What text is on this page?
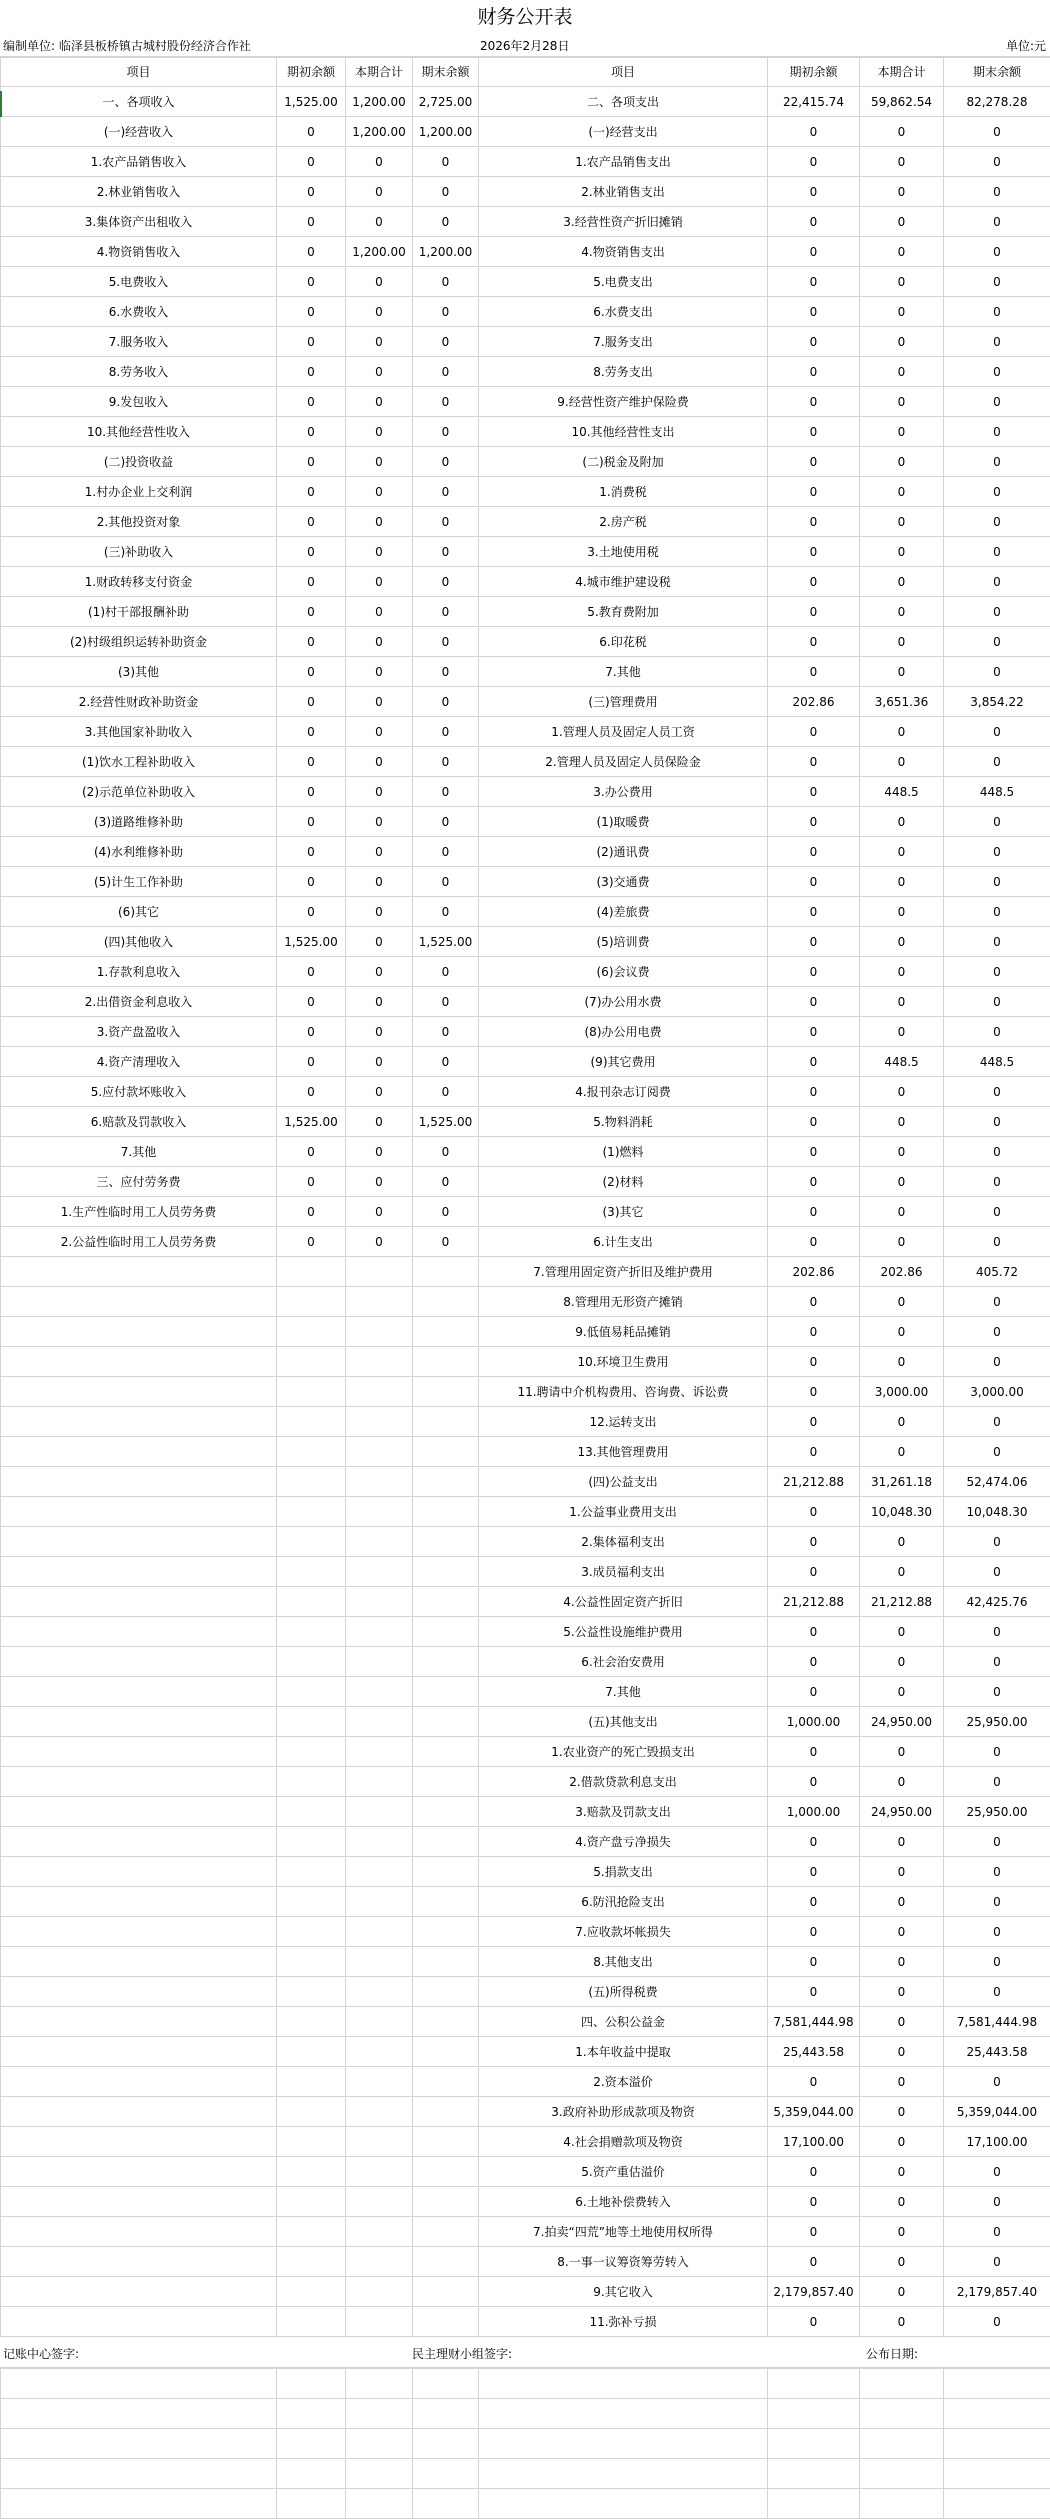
财务公开表
编制单位: 临泽县板桥镇古城村股份经济合作社	2026年2月28日	单位:元
项目	期初余额	本期合计	期末余额	项目	期初余额	本期合计	期末余额
一、各项收入	1,525.00	1,200.00	2,725.00	二、各项支出	22,415.74	59,862.54	82,278.28
(一)经营收入	0	1,200.00	1,200.00	(一)经营支出	0	0	0
1.农产品销售收入	0	0	0	1.农产品销售支出	0	0	0
2.林业销售收入	0	0	0	2.林业销售支出	0	0	0
3.集体资产出租收入	0	0	0	3.经营性资产折旧摊销	0	0	0
4.物资销售收入	0	1,200.00	1,200.00	4.物资销售支出	0	0	0
5.电费收入	0	0	0	5.电费支出	0	0	0
6.水费收入	0	0	0	6.水费支出	0	0	0
7.服务收入	0	0	0	7.服务支出	0	0	0
8.劳务收入	0	0	0	8.劳务支出	0	0	0
9.发包收入	0	0	0	9.经营性资产维护保险费	0	0	0
10.其他经营性收入	0	0	0	10.其他经营性支出	0	0	0
(二)投资收益	0	0	0	(二)税金及附加	0	0	0
1.村办企业上交利润	0	0	0	1.消费税	0	0	0
2.其他投资对象	0	0	0	2.房产税	0	0	0
(三)补助收入	0	0	0	3.土地使用税	0	0	0
1.财政转移支付资金	0	0	0	4.城市维护建设税	0	0	0
(1)村干部报酬补助	0	0	0	5.教育费附加	0	0	0
(2)村级组织运转补助资金	0	0	0	6.印花税	0	0	0
(3)其他	0	0	0	7.其他	0	0	0
2.经营性财政补助资金	0	0	0	(三)管理费用	202.86	3,651.36	3,854.22
3.其他国家补助收入	0	0	0	1.管理人员及固定人员工资	0	0	0
(1)饮水工程补助收入	0	0	0	2.管理人员及固定人员保险金	0	0	0
(2)示范单位补助收入	0	0	0	3.办公费用	0	448.5	448.5
(3)道路维修补助	0	0	0	(1)取暖费	0	0	0
(4)水利维修补助	0	0	0	(2)通讯费	0	0	0
(5)计生工作补助	0	0	0	(3)交通费	0	0	0
(6)其它	0	0	0	(4)差旅费	0	0	0
(四)其他收入	1,525.00	0	1,525.00	(5)培训费	0	0	0
1.存款利息收入	0	0	0	(6)会议费	0	0	0
2.出借资金利息收入	0	0	0	(7)办公用水费	0	0	0
3.资产盘盈收入	0	0	0	(8)办公用电费	0	0	0
4.资产清理收入	0	0	0	(9)其它费用	0	448.5	448.5
5.应付款坏账收入	0	0	0	4.报刊杂志订阅费	0	0	0
6.赔款及罚款收入	1,525.00	0	1,525.00	5.物料消耗	0	0	0
7.其他	0	0	0	(1)燃料	0	0	0
三、应付劳务费	0	0	0	(2)材料	0	0	0
1.生产性临时用工人员劳务费	0	0	0	(3)其它	0	0	0
2.公益性临时用工人员劳务费	0	0	0	6.计生支出	0	0	0
				7.管理用固定资产折旧及维护费用	202.86	202.86	405.72
				8.管理用无形资产摊销	0	0	0
				9.低值易耗品摊销	0	0	0
				10.环境卫生费用	0	0	0
				11.聘请中介机构费用、咨询费、诉讼费	0	3,000.00	3,000.00
				12.运转支出	0	0	0
				13.其他管理费用	0	0	0
				(四)公益支出	21,212.88	31,261.18	52,474.06
				1.公益事业费用支出	0	10,048.30	10,048.30
				2.集体福利支出	0	0	0
				3.成员福利支出	0	0	0
				4.公益性固定资产折旧	21,212.88	21,212.88	42,425.76
				5.公益性设施维护费用	0	0	0
				6.社会治安费用	0	0	0
				7.其他	0	0	0
				(五)其他支出	1,000.00	24,950.00	25,950.00
				1.农业资产的死亡毁损支出	0	0	0
				2.借款贷款利息支出	0	0	0
				3.赔款及罚款支出	1,000.00	24,950.00	25,950.00
				4.资产盘亏净损失	0	0	0
				5.捐款支出	0	0	0
				6.防汛抢险支出	0	0	0
				7.应收款坏帐损失	0	0	0
				8.其他支出	0	0	0
				(五)所得税费	0	0	0
				四、公积公益金	7,581,444.98	0	7,581,444.98
				1.本年收益中提取	25,443.58	0	25,443.58
				2.资本溢价	0	0	0
				3.政府补助形成款项及物资	5,359,044.00	0	5,359,044.00
				4.社会捐赠款项及物资	17,100.00	0	17,100.00
				5.资产重估溢价	0	0	0
				6.土地补偿费转入	0	0	0
				7.拍卖“四荒”地等土地使用权所得	0	0	0
				8.一事一议筹资筹劳转入	0	0	0
				9.其它收入	2,179,857.40	0	2,179,857.40
				11.弥补亏损	0	0	0
记账中心签字:	民主理财小组签字:	公布日期:
